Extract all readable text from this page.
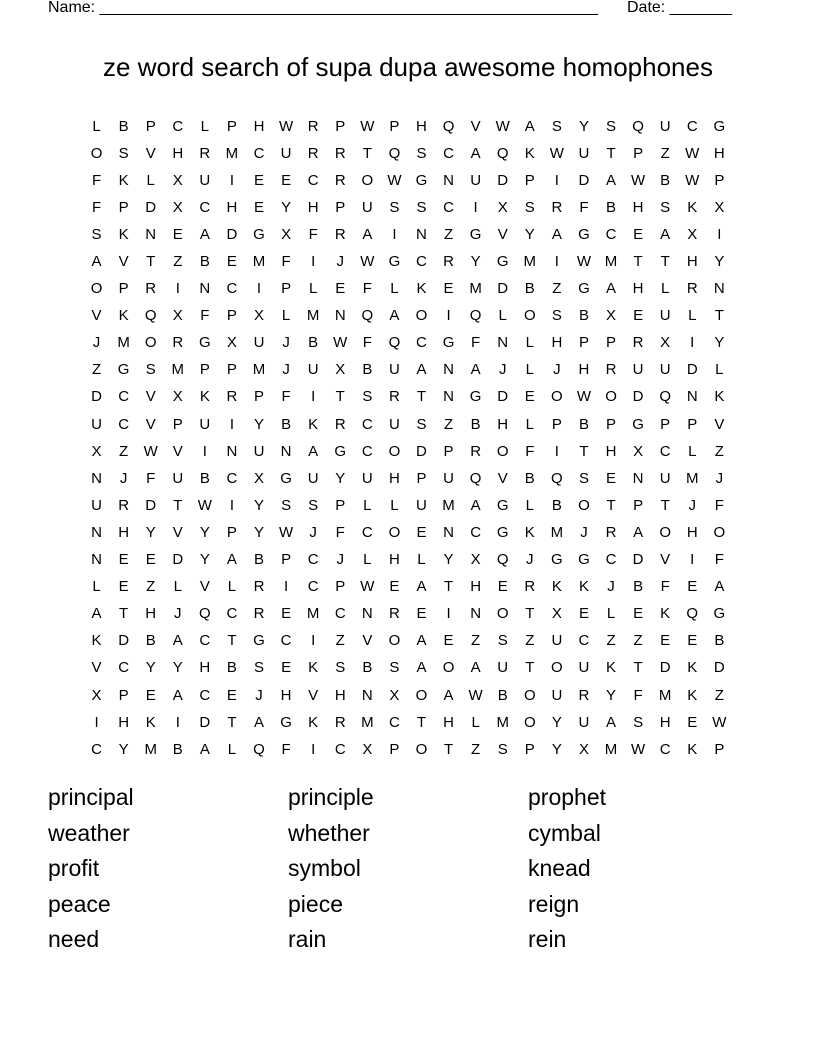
Name: ________________________________________________________ Date: _______
ze word search of supa dupa awesome homophones
L	B	P	C	L	P	H W R	P W P	H	Q	V W A	S	Y	S	Q	U	C	G
O	S	V	H	R	M	C	U	R	R	T	Q	S	C	A	Q	K W U	T	P	Z	W H
F	K	L	X	U	I	E	E	C	R	O W G	N	U	D	P	I	D	A W B W P
F	P	D	X	C	H	E	Y	H	P	U	S	S	C	I	X	S	R	F	B	H	S	K	X
S	K	N	E	A	D	G	X	F	R	A	I	N	Z	G	V	Y	A	G	C	E	A	X	I
A	V	T	Z	B	E	M	F	I	J	W G	C	R	Y	G M	I	W M	T	T	H	Y
O	P	R	I	N	C	I	P	L	E	F	L	K	E	M	D	B	Z	G	A	H	L	R	N
V	K	Q	X	F	P	X	L	M	N	Q	A	O	I	Q	L	O	S	B	X	E	U	L	T
J	M	O	R	G	X	U	J	B W	F	Q	C	G	F	N	L	H	P	P	R	X	I	Y
Z	G	S	M	P	P	M	J	U	X	B	U	A	N	A	J	L	J	H	R	U	U	D	L
D	C	V	X	K	R	P	F	I	T	S	R	T	N	G	D	E	O W O	D	Q	N	K
U	C	V	P	U	I	Y	B	K	R	C	U	S	Z	B	H	L	P	B	P	G	P	P	V
X	Z	W V	I	N	U	N	A	G	C	O	D	P	R	O	F	I	T	H	X	C	L	Z
N	J	F	U	B	C	X	G	U	Y	U	H	P	U	Q	V	B	Q	S	E	N	U	M	J
U	R	D	T	W	I	Y	S	S	P	L	L	U	M	A	G	L	B	O	T	P	T	J	F
N	H	Y	V	Y	P	Y W	J	F	C	O	E	N	C	G	K	M	J	R	A	O	H	O
N	E	E	D	Y	A	B	P	C	J	L	H	L	Y	X	Q	J	G	G	C	D	V	I	F
L	E	Z	L	V	L	R	I	C	P W E	A	T	H	E	R	K	K	J	B	F	E	A
A	T	H	J	Q	C	R	E	M	C	N	R	E	I	N	O	T	X	E	L	E	K	Q	G
K	D	B	A	C	T	G	C	I	Z	V	O	A	E	Z	S	Z	U	C	Z	Z	E	E	B
V	C	Y	Y	H	B	S	E	K	S	B	S	A	O	A	U	T	O	U	K	T	D	K	D
X	P	E	A	C	E	J	H	V	H	N	X	O	A W B	O	U	R	Y	F	M	K	Z
I	H	K	I	D	T	A	G	K	R	M	C	T	H	L	M	O	Y	U	A	S	H	E W
C	Y	M	B	A	L	Q	F	I	C	X	P	O	T	Z	S	P	Y	X	M W C	K	P
principal	principle	prophet
weather	whether	cymbal
profit	symbol	knead
peace	piece	reign
need	rain	rein
